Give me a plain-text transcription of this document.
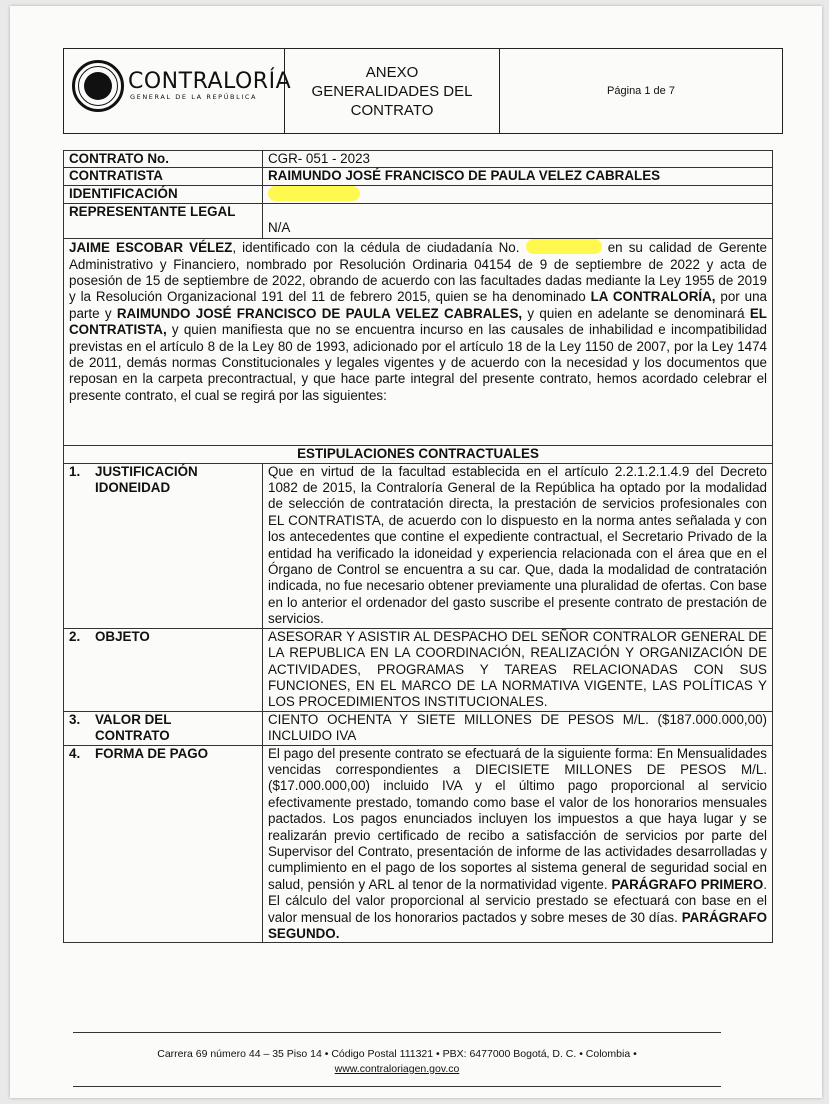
CONTRALORÍA
GENERAL DE LA REPÚBLICA

ANEXO
GENERALIDADES DEL
CONTRATO
	Página 1 de 7
CONTRATO No.	CGR- 051 - 2023
CONTRATISTA	RAIMUNDO JOSÉ FRANCISCO DE PAULA VELEZ CABRALES
IDENTIFICACIÓN	
REPRESENTANTE LEGAL	N/A
JAIME ESCOBAR VÉLEZ, identificado con la cédula de ciudadanía No. en su calidad de Gerente Administrativo y Financiero, nombrado por Resolución Ordinaria 04154 de 9 de septiembre de 2022 y acta de posesión de 15 de septiembre de 2022, obrando de acuerdo con las facultades dadas mediante la Ley 1955 de 2019 y la Resolución Organizacional 191 del 11 de febrero 2015, quien se ha denominado LA CONTRALORÍA, por una parte y RAIMUNDO JOSÉ FRANCISCO DE PAULA VELEZ CABRALES, y quien en adelante se denominará EL CONTRATISTA, y quien manifiesta que no se encuentra incurso en las causales de inhabilidad e incompatibilidad previstas en el artículo 8 de la Ley 80 de 1993, adicionado por el artículo 18 de la Ley 1150 de 2007, por la Ley 1474 de 2011, demás normas Constitucionales y legales vigentes y de acuerdo con la necesidad y los documentos que reposan en la carpeta precontractual, y que hace parte integral del presente contrato, hemos acordado celebrar el presente contrato, el cual se regirá por las siguientes:	
ESTIPULACIONES CONTRACTUALES	
1. JUSTIFICACIÓN
IDONEIDAD	Que en virtud de la facultad establecida en el artículo 2.2.1.2.1.4.9 del Decreto 1082 de 2015, la Contraloría General de la República ha optado por la modalidad de selección de contratación directa, la prestación de servicios profesionales con EL CONTRATISTA, de acuerdo con lo dispuesto en la norma antes señalada y con los antecedentes que contine el expediente contractual, el Secretario Privado de la entidad ha verificado la idoneidad y experiencia relacionada con el área que en el Órgano de Control se encuentra a su car. Que, dada la modalidad de contratación indicada, no fue necesario obtener previamente una pluralidad de ofertas. Con base en lo anterior el ordenador del gasto suscribe el presente contrato de prestación de servicios.
2. OBJETO	ASESORAR Y ASISTIR AL DESPACHO DEL SEÑOR CONTRALOR GENERAL DE LA REPUBLICA EN LA COORDINACIÓN, REALIZACIÓN Y ORGANIZACIÓN DE ACTIVIDADES, PROGRAMAS Y TAREAS RELACIONADAS CON SUS FUNCIONES, EN EL MARCO DE LA NORMATIVA VIGENTE, LAS POLÍTICAS Y LOS PROCEDIMIENTOS INSTITUCIONALES.
3. VALOR DEL
CONTRATO	CIENTO OCHENTA Y SIETE MILLONES DE PESOS M/L. ($187.000.000,00) INCLUIDO IVA
4. FORMA DE PAGO	El pago del presente contrato se efectuará de la siguiente forma: En Mensualidades vencidas correspondientes a DIECISIETE MILLONES DE PESOS M/L. ($17.000.000,00) incluido IVA y el último pago proporcional al servicio efectivamente prestado, tomando como base el valor de los honorarios mensuales pactados. Los pagos enunciados incluyen los impuestos a que haya lugar y se realizarán previo certificado de recibo a satisfacción de servicios por parte del Supervisor del Contrato, presentación de informe de las actividades desarrolladas y cumplimiento en el pago de los soportes al sistema general de seguridad social en salud, pensión y ARL al tenor de la normatividad vigente. PARÁGRAFO PRIMERO. El cálculo del valor proporcional al servicio prestado se efectuará con base en el valor mensual de los honorarios pactados y sobre meses de 30 días. PARÁGRAFO SEGUNDO.
Carrera 69 número 44 – 35 Piso 14 • Código Postal 111321 • PBX: 6477000 Bogotá, D. C. • Colombia •
www.contraloriagen.gov.co
